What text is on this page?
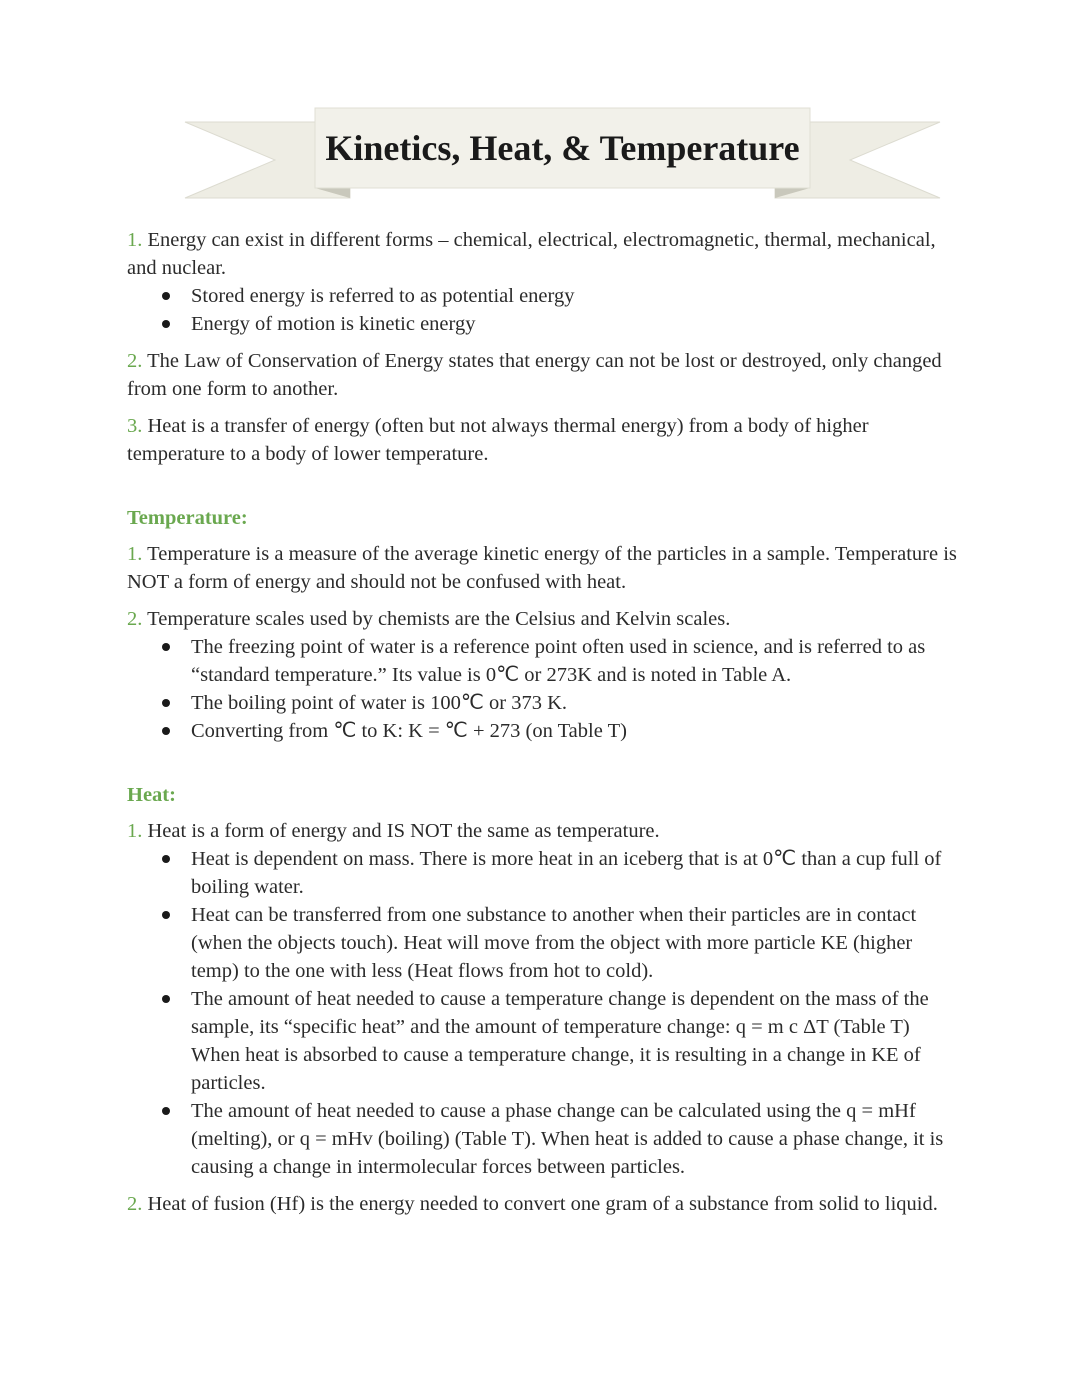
Kinetics, Heat, & Temperature

1. Energy can exist in different forms – chemical, electrical, electromagnetic, thermal, mechanical, and nuclear.

Stored energy is referred to as potential energy
Energy of motion is kinetic energy

2. The Law of Conservation of Energy states that energy can not be lost or destroyed, only changed from one form to another.

3. Heat is a transfer of energy (often but not always thermal energy) from a body of higher temperature to a body of lower temperature.

Temperature:

1. Temperature is a measure of the average kinetic energy of the particles in a sample. Temperature is NOT a form of energy and should not be confused with heat.

2. Temperature scales used by chemists are the Celsius and Kelvin scales.

The freezing point of water is a reference point often used in science, and is referred to as “standard temperature.” Its value is 0℃ or 273K and is noted in Table A.
The boiling point of water is 100℃ or 373 K.
Converting from ℃ to K: K = ℃ + 273 (on Table T)
Heat:

1. Heat is a form of energy and IS NOT the same as temperature.

Heat is dependent on mass. There is more heat in an iceberg that is at 0℃ than a cup full of boiling water.
Heat can be transferred from one substance to another when their particles are in contact (when the objects touch). Heat will move from the object with more particle KE (higher temp) to the one with less (Heat flows from hot to cold).
The amount of heat needed to cause a temperature change is dependent on the mass of the sample, its “specific heat” and the amount of temperature change: q = m c ΔT (Table T) When heat is absorbed to cause a temperature change, it is resulting in a change in KE of particles.
The amount of heat needed to cause a phase change can be calculated using the q = mHf (melting), or q = mHv (boiling) (Table T). When heat is added to cause a phase change, it is causing a change in intermolecular forces between particles.

2. Heat of fusion (Hf) is the energy needed to convert one gram of a substance from solid to liquid.
